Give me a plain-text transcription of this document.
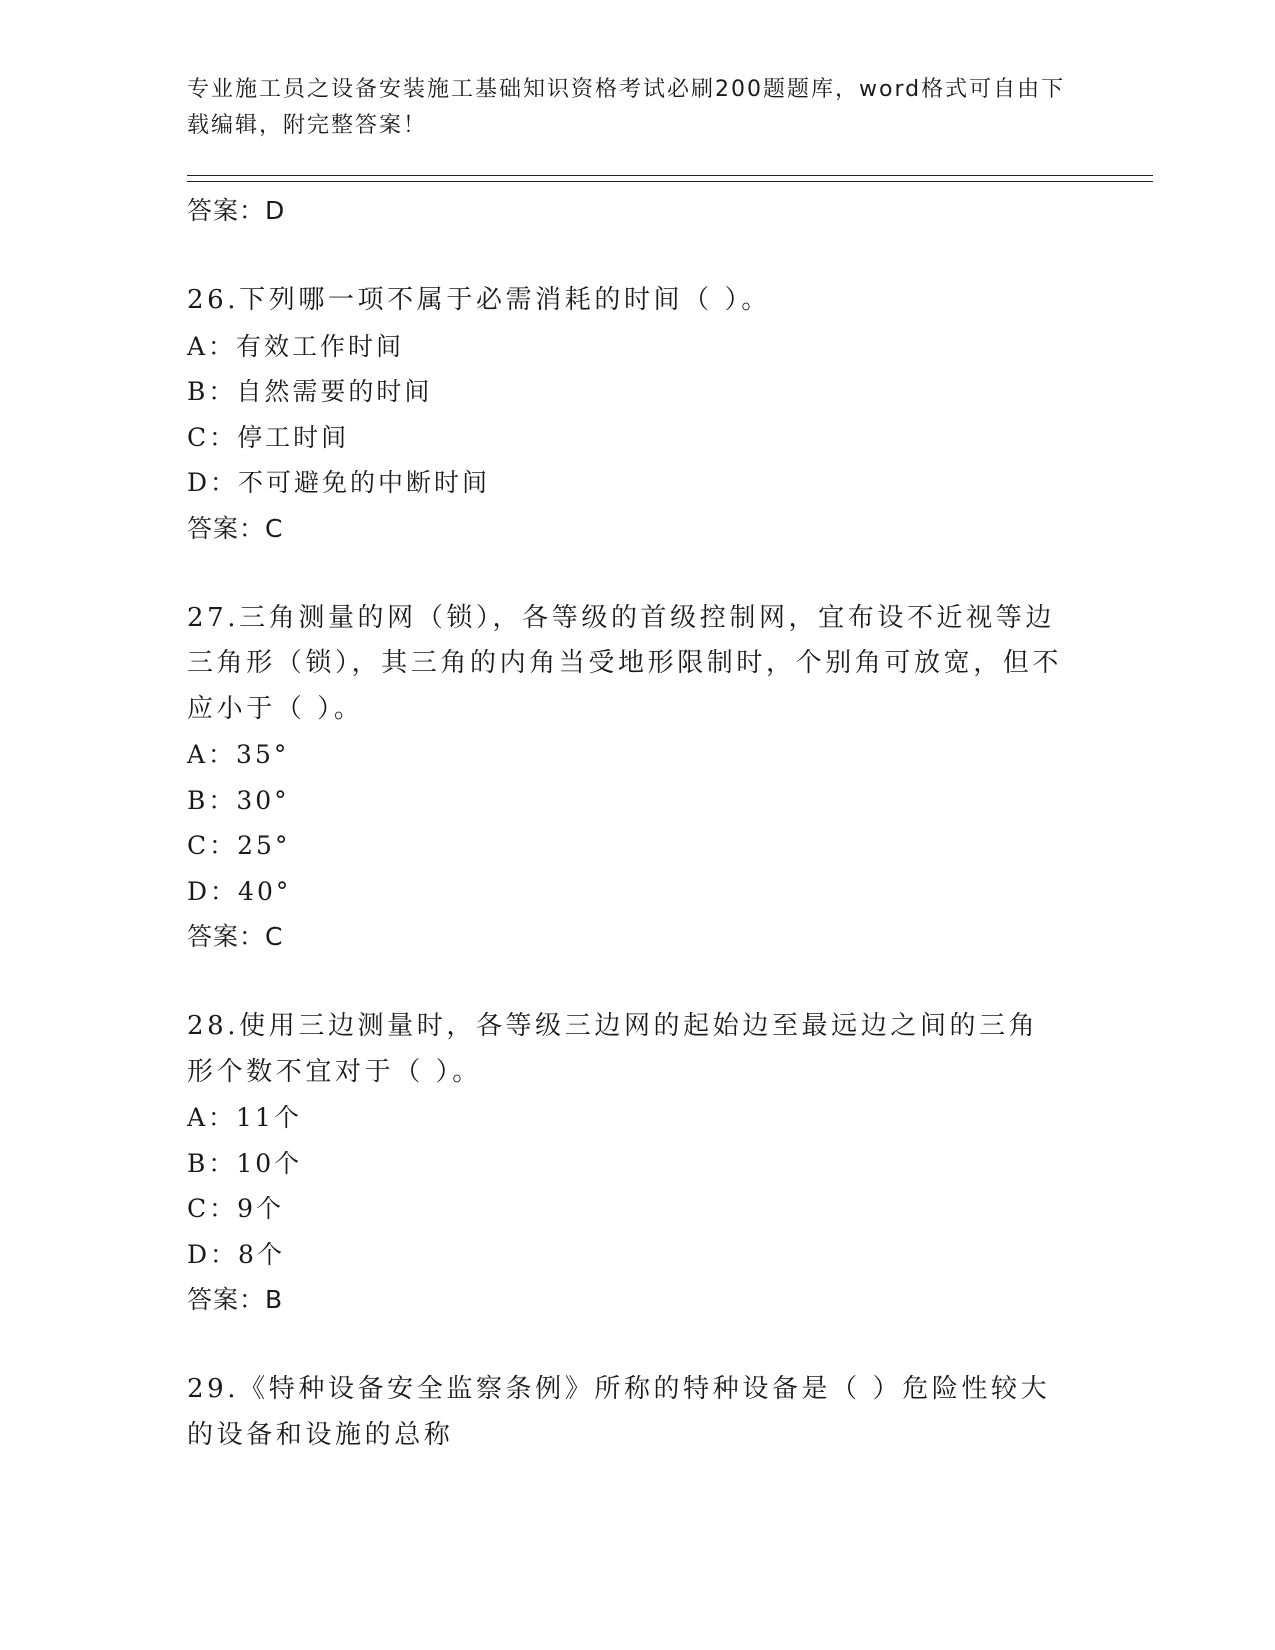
专业施工员之设备安装施工基础知识资格考试必刷200题题库，word格式可自由下载编辑，附完整答案！
答案：D
26.下列哪一项不属于必需消耗的时间（ ）。
A：有效工作时间
B：自然需要的时间
C：停工时间
D：不可避免的中断时间
答案：C
27.三角测量的网（锁），各等级的首级控制网，宜布设不近视等边三角形（锁），其三角的内角当受地形限制时，个别角可放宽，但不应小于（ ）。
A：35°
B：30°
C：25°
D：40°
答案：C
28.使用三边测量时，各等级三边网的起始边至最远边之间的三角形个数不宜对于（ ）。
A：11个
B：10个
C：9个
D：8个
答案：B
29.《特种设备安全监察条例》所称的特种设备是（ ）危险性较大的设备和设施的总称
